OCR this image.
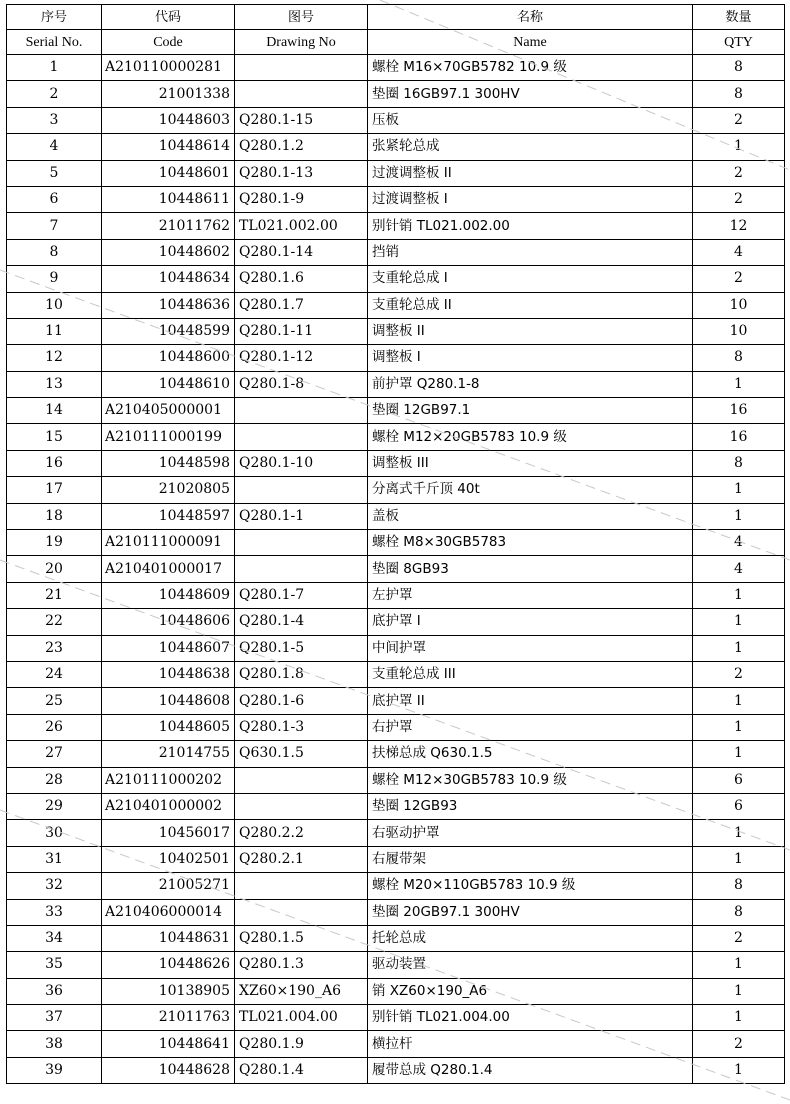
序号	代码	图号	名称	数量
Serial No.	Code	Drawing No	Name	QTY
1	A210110000281		螺栓 M16×70GB5782 10.9 级	8
2	21001338		垫圈 16GB97.1 300HV	8
3	10448603	Q280.1-15	压板	2
4	10448614	Q280.1.2	张紧轮总成	1
5	10448601	Q280.1-13	过渡调整板 II	2
6	10448611	Q280.1-9	过渡调整板 I	2
7	21011762	TL021.002.00	别针销 TL021.002.00	12
8	10448602	Q280.1-14	挡销	4
9	10448634	Q280.1.6	支重轮总成 I	2
10	10448636	Q280.1.7	支重轮总成 II	10
11	10448599	Q280.1-11	调整板 II	10
12	10448600	Q280.1-12	调整板 I	8
13	10448610	Q280.1-8	前护罩 Q280.1-8	1
14	A210405000001		垫圈 12GB97.1	16
15	A210111000199		螺栓 M12×20GB5783 10.9 级	16
16	10448598	Q280.1-10	调整板 III	8
17	21020805		分离式千斤顶 40t	1
18	10448597	Q280.1-1	盖板	1
19	A210111000091		螺栓 M8×30GB5783	4
20	A210401000017		垫圈 8GB93	4
21	10448609	Q280.1-7	左护罩	1
22	10448606	Q280.1-4	底护罩 I	1
23	10448607	Q280.1-5	中间护罩	1
24	10448638	Q280.1.8	支重轮总成 III	2
25	10448608	Q280.1-6	底护罩 II	1
26	10448605	Q280.1-3	右护罩	1
27	21014755	Q630.1.5	扶梯总成 Q630.1.5	1
28	A210111000202		螺栓 M12×30GB5783 10.9 级	6
29	A210401000002		垫圈 12GB93	6
30	10456017	Q280.2.2	右驱动护罩	1
31	10402501	Q280.2.1	右履带架	1
32	21005271		螺栓 M20×110GB5783 10.9 级	8
33	A210406000014		垫圈 20GB97.1 300HV	8
34	10448631	Q280.1.5	托轮总成	2
35	10448626	Q280.1.3	驱动装置	1
36	10138905	XZ60×190_A6	销 XZ60×190_A6	1
37	21011763	TL021.004.00	别针销 TL021.004.00	1
38	10448641	Q280.1.9	横拉杆	2
39	10448628	Q280.1.4	履带总成 Q280.1.4	1
